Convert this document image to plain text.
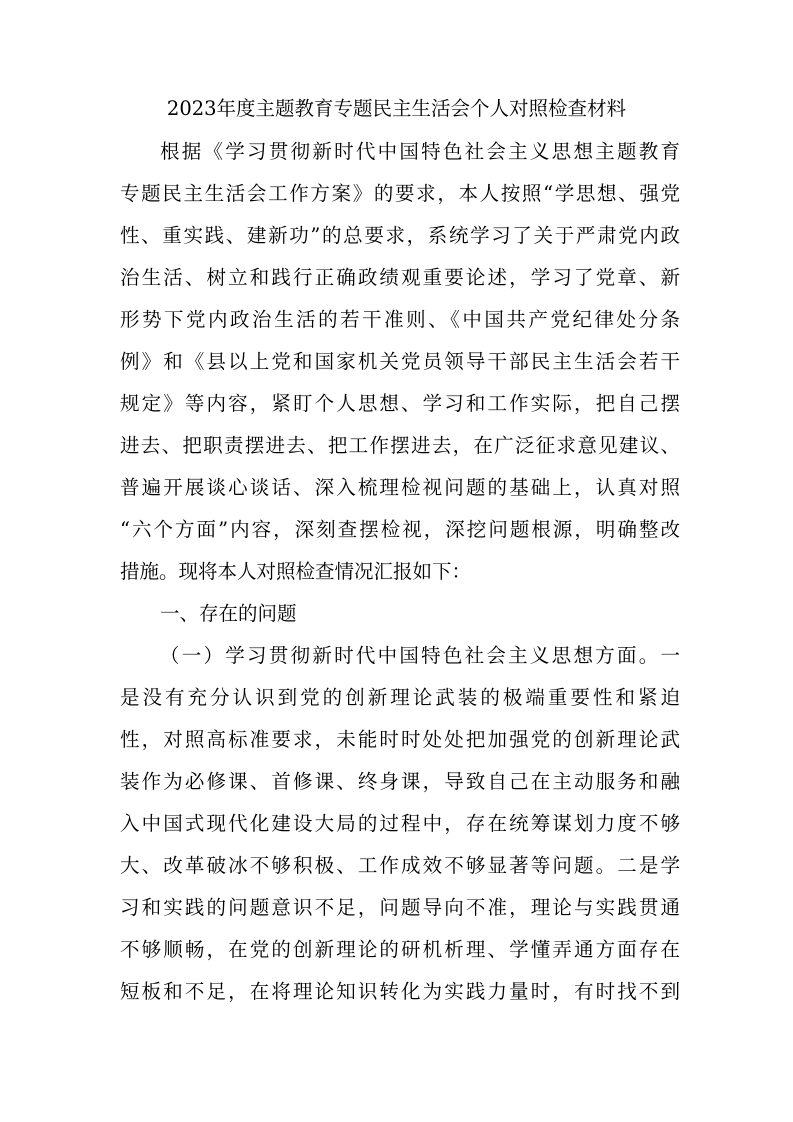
2023年度主题教育专题民主生活会个人对照检查材料
根据《学习贯彻新时代中国特色社会主义思想主题教育
专题民主生活会工作方案》的要求，本人按照“学思想、强党
性、重实践、建新功”的总要求，系统学习了关于严肃党内政
治生活、树立和践行正确政绩观重要论述，学习了党章、新
形势下党内政治生活的若干准则、《中国共产党纪律处分条
例》和《县以上党和国家机关党员领导干部民主生活会若干
规定》等内容，紧盯个人思想、学习和工作实际，把自己摆
进去、把职责摆进去、把工作摆进去，在广泛征求意见建议、
普遍开展谈心谈话、深入梳理检视问题的基础上，认真对照
“六个方面”内容，深刻查摆检视，深挖问题根源，明确整改
措施。现将本人对照检查情况汇报如下：
一、存在的问题
（一）学习贯彻新时代中国特色社会主义思想方面。一
是没有充分认识到党的创新理论武装的极端重要性和紧迫
性，对照高标准要求，未能时时处处把加强党的创新理论武
装作为必修课、首修课、终身课，导致自己在主动服务和融
入中国式现代化建设大局的过程中，存在统筹谋划力度不够
大、改革破冰不够积极、工作成效不够显著等问题。二是学
习和实践的问题意识不足，问题导向不准，理论与实践贯通
不够顺畅，在党的创新理论的研机析理、学懂弄通方面存在
短板和不足，在将理论知识转化为实践力量时，有时找不到
